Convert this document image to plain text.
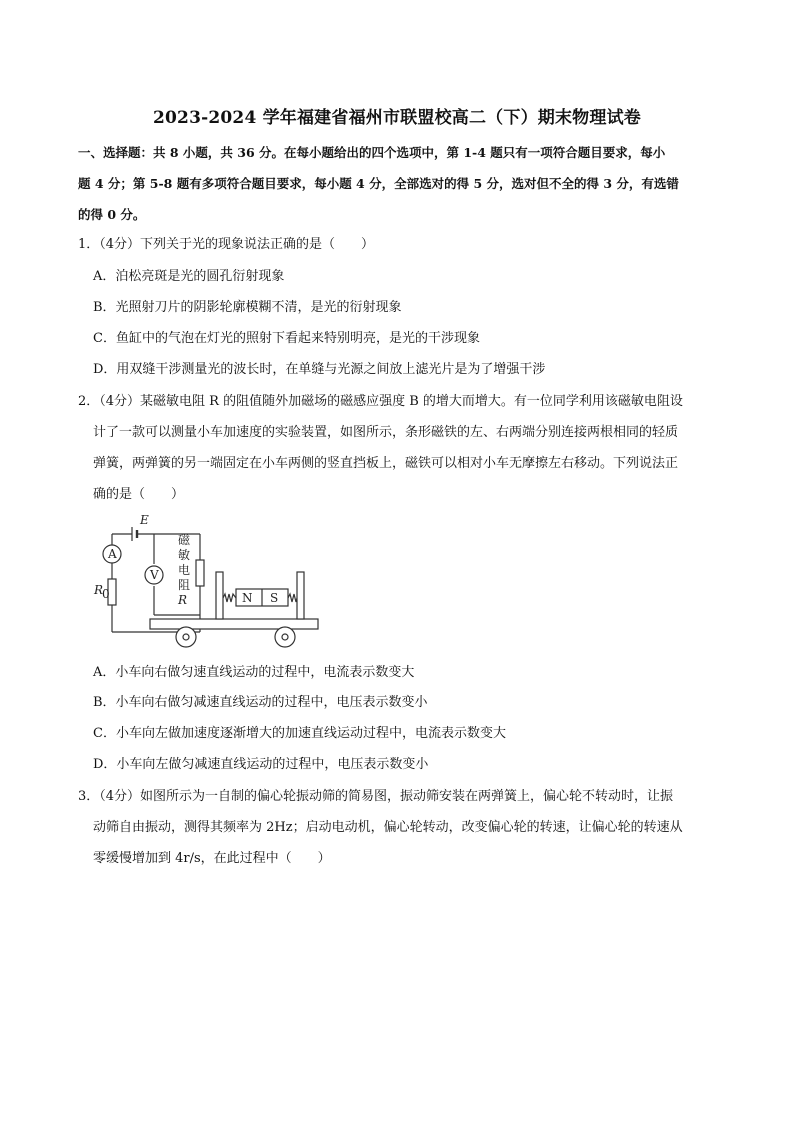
2023-2024 学年福建省福州市联盟校高二（下）期末物理试卷
一、选择题：共 8 小题，共 36 分。在每小题给出的四个选项中，第 1-4 题只有一项符合题目要求，每小
题 4 分；第 5-8 题有多项符合题目要求，每小题 4 分，全部选对的得 5 分，选对但不全的得 3 分，有选错
的得 0 分。
1．（4分）下列关于光的现象说法正确的是（　　）
A．泊松亮斑是光的圆孔衍射现象
B．光照射刀片的阴影轮廓模糊不清，是光的衍射现象
C．鱼缸中的气泡在灯光的照射下看起来特别明亮，是光的干涉现象
D．用双缝干涉测量光的波长时，在单缝与光源之间放上滤光片是为了增强干涉
2．（4分）某磁敏电阻 R 的阻值随外加磁场的磁感应强度 B 的增大而增大。有一位同学利用该磁敏电阻设
计了一款可以测量小车加速度的实验装置，如图所示，条形磁铁的左、右两端分别连接两根相同的轻质
弹簧，两弹簧的另一端固定在小车两侧的竖直挡板上，磁铁可以相对小车无摩擦左右移动。下列说法正
确的是（　　）
E
A
V
R
0
磁
敏
电
阻
R	N S
A．小车向右做匀速直线运动的过程中，电流表示数变大
B．小车向右做匀减速直线运动的过程中，电压表示数变小
C．小车向左做加速度逐渐增大的加速直线运动过程中，电流表示数变大
D．小车向左做匀减速直线运动的过程中，电压表示数变小
3．（4分）如图所示为一自制的偏心轮振动筛的简易图，振动筛安装在两弹簧上，偏心轮不转动时，让振
动筛自由振动，测得其频率为 2Hz；启动电动机，偏心轮转动，改变偏心轮的转速，让偏心轮的转速从
零缓慢增加到 4r/s，在此过程中（　　）
